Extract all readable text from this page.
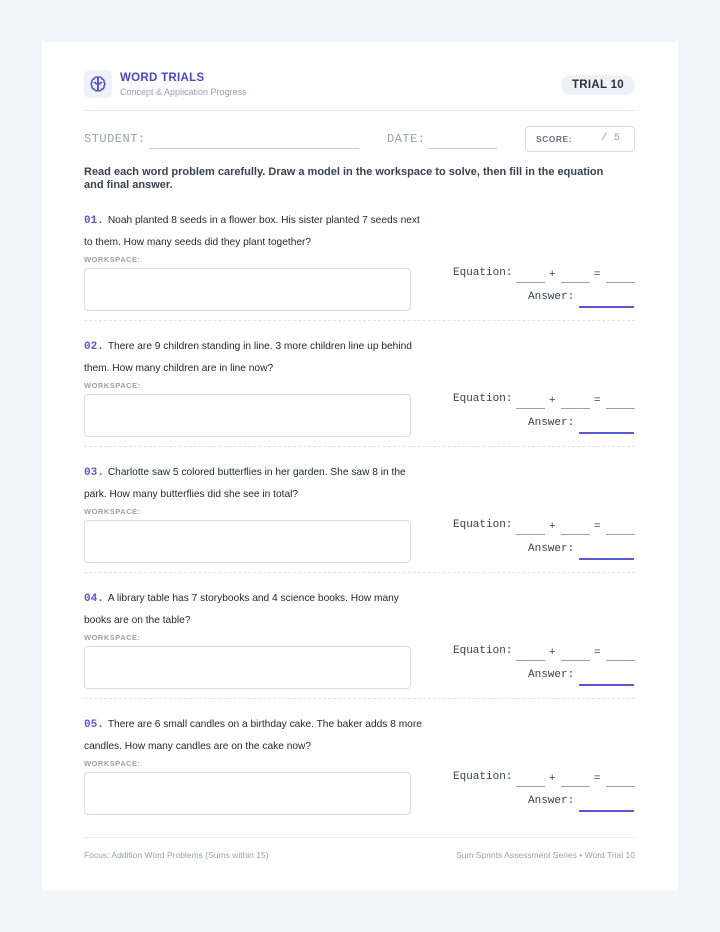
WORD TRIALS
Concept & Application Progress
TRIAL 10
STUDENT:	DATE:	SCORE:	/ 5
Read each word problem carefully. Draw a model in the workspace to solve, then fill in the equation and final answer.
01. Noah planted 8 seeds in a flower box. His sister planted 7 seeds next to them. How many seeds did they plant together?
WORKSPACE:
Equation:	+	=
Answer:
02. There are 9 children standing in line. 3 more children line up behind them. How many children are in line now?
WORKSPACE:
Equation:	+	=
Answer:
03. Charlotte saw 5 colored butterflies in her garden. She saw 8 in the park. How many butterflies did she see in total?
WORKSPACE:
Equation:	+	=
Answer:
04. A library table has 7 storybooks and 4 science books. How many books are on the table?
WORKSPACE:
Equation:	+	=
Answer:
05. There are 6 small candles on a birthday cake. The baker adds 8 more candles. How many candles are on the cake now?
WORKSPACE:
Equation:	+	=
Answer:
Focus: Addition Word Problems (Sums within 15)	Sum Sprints Assessment Series • Word Trial 10
